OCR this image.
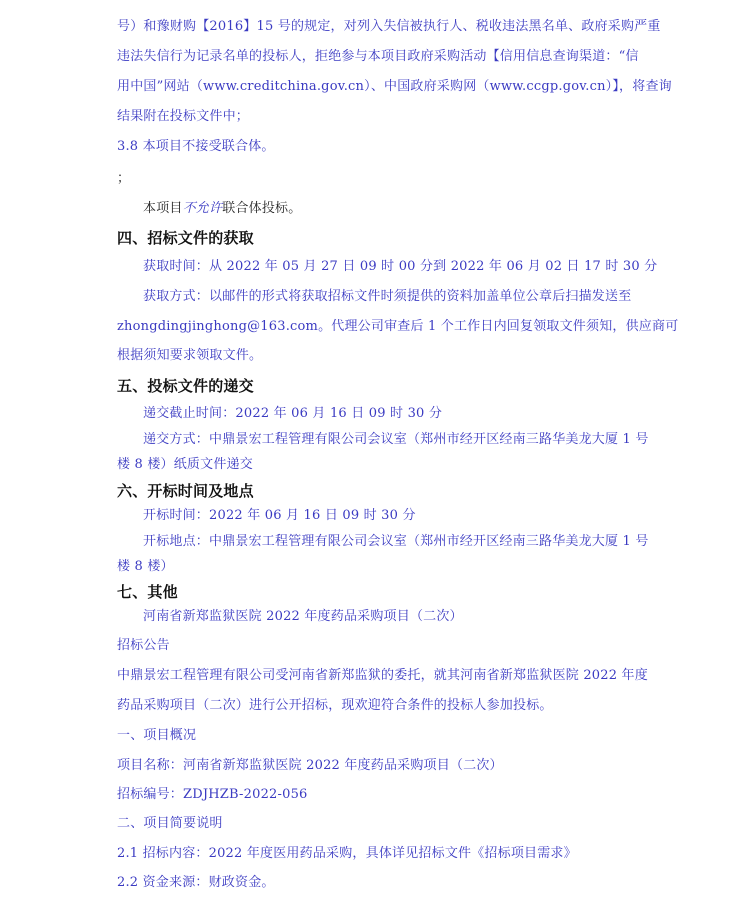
号）和豫财购【2016】15 号的规定，对列入失信被执行人、税收违法黑名单、政府采购严重

违法失信行为记录名单的投标人，拒绝参与本项目政府采购活动【信用信息查询渠道：“信

用中国”网站（www.creditchina.gov.cn）、中国政府采购网（www.ccgp.gov.cn）】，将查询

结果附在投标文件中；

3.8 本项目不接受联合体。

；

本项目不允许联合体投标。

四、招标文件的获取

获取时间：从 2022 年 05 月 27 日 09 时 00 分到 2022 年 06 月 02 日 17 时 30 分

获取方式：以邮件的形式将获取招标文件时须提供的资料加盖单位公章后扫描发送至

zhongdingjinghong@163.com。代理公司审查后 1 个工作日内回复领取文件须知，供应商可

根据须知要求领取文件。

五、投标文件的递交

递交截止时间：2022 年 06 月 16 日 09 时 30 分

递交方式：中鼎景宏工程管理有限公司会议室（郑州市经开区经南三路华美龙大厦 1 号

楼 8 楼）纸质文件递交

六、开标时间及地点

开标时间：2022 年 06 月 16 日 09 时 30 分

开标地点：中鼎景宏工程管理有限公司会议室（郑州市经开区经南三路华美龙大厦 1 号

楼 8 楼）

七、其他

河南省新郑监狱医院 2022 年度药品采购项目（二次）

招标公告

中鼎景宏工程管理有限公司受河南省新郑监狱的委托，就其河南省新郑监狱医院 2022 年度

药品采购项目（二次）进行公开招标，现欢迎符合条件的投标人参加投标。

一、项目概况

项目名称：河南省新郑监狱医院 2022 年度药品采购项目（二次）

招标编号：ZDJHZB-2022-056

二、项目简要说明

2.1 招标内容：2022 年度医用药品采购，具体详见招标文件《招标项目需求》

2.2 资金来源：财政资金。
